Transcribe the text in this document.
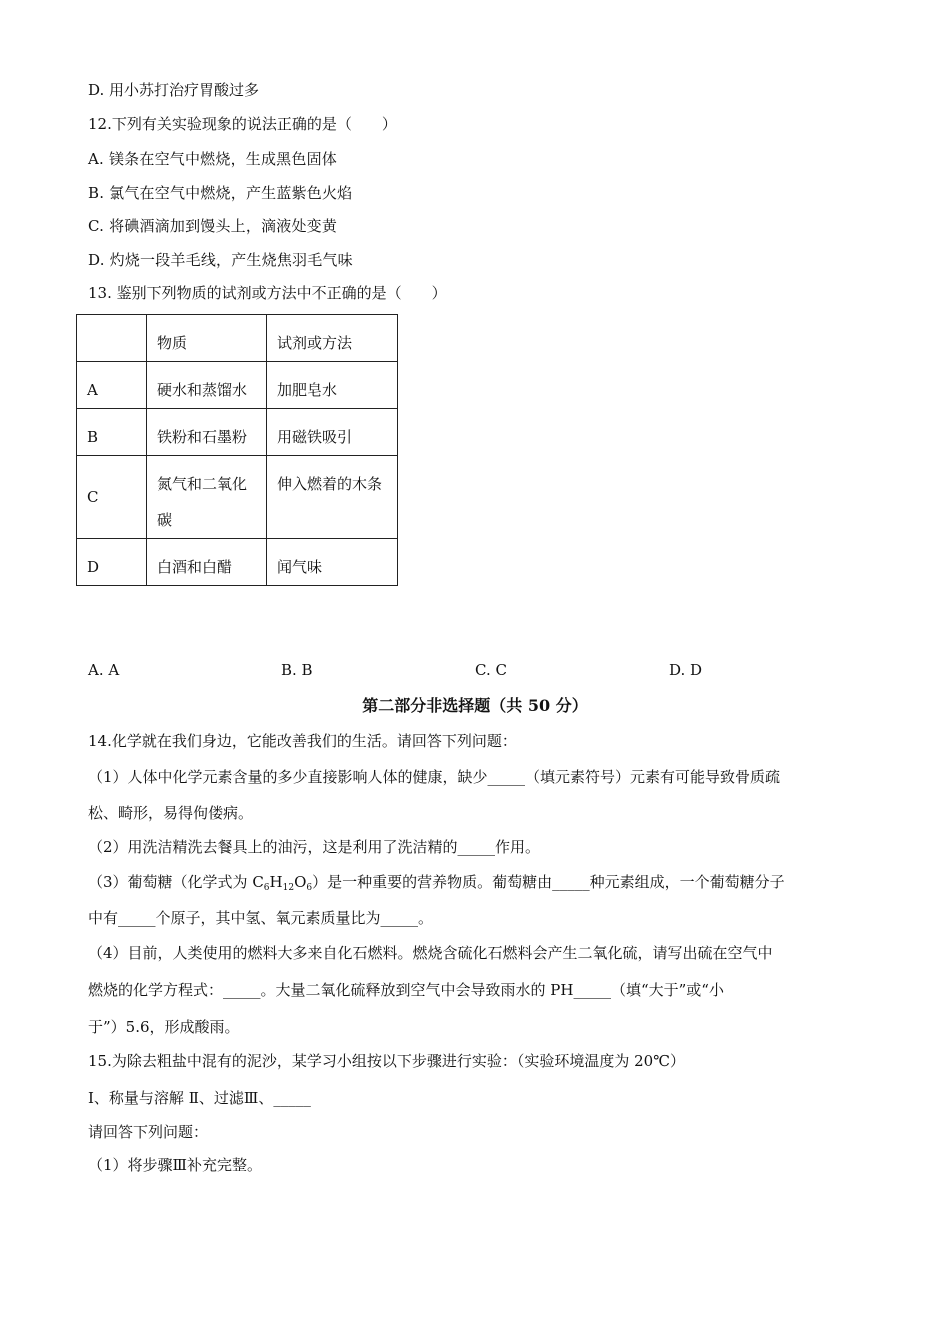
D. 用小苏打治疗胃酸过多
12.下列有关实验现象的说法正确的是（　　）
A. 镁条在空气中燃烧，生成黑色固体
B. 氯气在空气中燃烧，产生蓝紫色火焰
C. 将碘酒滴加到馒头上，滴液处变黄
D. 灼烧一段羊毛线，产生烧焦羽毛气味
13. 鉴别下列物质的试剂或方法中不正确的是（　　）
	物质	试剂或方法
A	硬水和蒸馏水	加肥皂水
B	铁粉和石墨粉	用磁铁吸引
C	氮气和二氧化碳	伸入燃着的木条
D	白酒和白醋	闻气味
A. A	B. B	C. C	D. D
第二部分非选择题（共 50 分）
14.化学就在我们身边，它能改善我们的生活。请回答下列问题：
（1）人体中化学元素含量的多少直接影响人体的健康，缺少_____（填元素符号）元素有可能导致骨质疏
松、畸形，易得佝偻病。
（2）用洗洁精洗去餐具上的油污，这是利用了洗洁精的_____作用。
（3）葡萄糖（化学式为 $C_6H_{12}O_6$）是一种重要的营养物质。葡萄糖由_____种元素组成，一个葡萄糖分子
中有_____个原子，其中氢、氧元素质量比为_____。
（4）目前，人类使用的燃料大多来自化石燃料。燃烧含硫化石燃料会产生二氧化硫，请写出硫在空气中
燃烧的化学方程式：_____。大量二氧化硫释放到空气中会导致雨水的 PH_____（填“大于”或“小
于”）5.6，形成酸雨。
15.为除去粗盐中混有的泥沙，某学习小组按以下步骤进行实验：（实验环境温度为 20℃）
Ⅰ、称量与溶解 Ⅱ、过滤Ⅲ、_____
请回答下列问题：
（1）将步骤Ⅲ补充完整。
